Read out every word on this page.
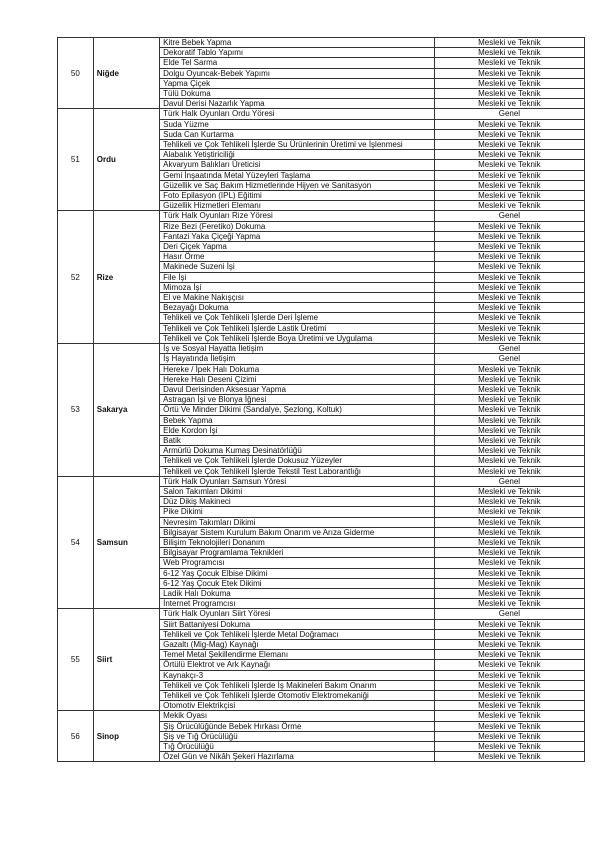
50	Niğde	Kitre Bebek Yapma	Mesleki ve Teknik
		Dekoratif Tablo Yapımı	Mesleki ve Teknik
		Elde Tel Sarma	Mesleki ve Teknik
		Dolgu Oyuncak-Bebek Yapımı	Mesleki ve Teknik
		Yapma Çiçek	Mesleki ve Teknik
		Tülü Dokuma	Mesleki ve Teknik
		Davul Derisi Nazarlık Yapma	Mesleki ve Teknik
51	Ordu	Türk Halk Oyunları Ordu Yöresi	Genel
		Suda Yüzme	Mesleki ve Teknik
		Suda Can Kurtarma	Mesleki ve Teknik
		Tehlikeli ve Çok Tehlikeli İşlerde Su Ürünlerinin Üretimi ve İşlenmesi	Mesleki ve Teknik
		Alabalık Yetiştiriciliği	Mesleki ve Teknik
		Akvaryum Balıkları Üreticisi	Mesleki ve Teknik
		Gemi İnşaatında Metal Yüzeyleri Taşlama	Mesleki ve Teknik
		Güzellik ve Saç Bakım Hizmetlerinde Hijyen ve Sanitasyon	Mesleki ve Teknik
		Foto Epilasyon (IPL) Eğitimi	Mesleki ve Teknik
		Güzellik Hizmetleri Elemanı	Mesleki ve Teknik
52	Rize	Türk Halk Oyunları Rize Yöresi	Genel
		Rize Bezi (Feretiko) Dokuma	Mesleki ve Teknik
		Fantazi Yaka Çiçeği Yapma	Mesleki ve Teknik
		Deri Çiçek Yapma	Mesleki ve Teknik
		Hasır Örme	Mesleki ve Teknik
		Makinede Suzeni İşi	Mesleki ve Teknik
		File İşi	Mesleki ve Teknik
		Mimoza İşi	Mesleki ve Teknik
		El ve Makine Nakışçısı	Mesleki ve Teknik
		Bezayağı Dokuma	Mesleki ve Teknik
		Tehlikeli ve Çok Tehlikeli İşlerde Deri İşleme	Mesleki ve Teknik
		Tehlikeli ve Çok Tehlikeli İşlerde Lastik Üretimi	Mesleki ve Teknik
		Tehlikeli ve Çok Tehlikeli İşlerde Boya Üretimi ve Uygulama	Mesleki ve Teknik
53	Sakarya	İş ve Sosyal Hayatta İletişim	Genel
		İş Hayatında İletişim	Genel
		Hereke / İpek Halı Dokuma	Mesleki ve Teknik
		Hereke Halı Deseni Çizimi	Mesleki ve Teknik
		Davul Derisinden Aksesuar Yapma	Mesleki ve Teknik
		Astragan İşi ve Blonya İğnesi	Mesleki ve Teknik
		Örtü Ve Minder Dikimi (Sandalye, Şezlong, Koltuk)	Mesleki ve Teknik
		Bebek Yapma	Mesleki ve Teknik
		Elde Kordon İşi	Mesleki ve Teknik
		Batik	Mesleki ve Teknik
		Armürlü Dokuma Kumaş Desinatörlüğü	Mesleki ve Teknik
		Tehlikeli ve Çok Tehlikeli İşlerde Dokusuz Yüzeyler	Mesleki ve Teknik
		Tehlikeli ve Çok Tehlikeli İşlerde Tekstil Test Laborantlığı	Mesleki ve Teknik
54	Samsun	Türk Halk Oyunları Samsun Yöresi	Genel
		Salon Takımları Dikimi	Mesleki ve Teknik
		Düz Dikiş Makineci	Mesleki ve Teknik
		Pike Dikimi	Mesleki ve Teknik
		Nevresim Takımları Dikimi	Mesleki ve Teknik
		Bilgisayar Sistem Kurulum Bakım Onarım ve Arıza Giderme	Mesleki ve Teknik
		Bilişim Teknolojileri Donanım	Mesleki ve Teknik
		Bilgisayar Programlama Teknikleri	Mesleki ve Teknik
		Web Programcısı	Mesleki ve Teknik
		6-12 Yaş Çocuk Elbise Dikimi	Mesleki ve Teknik
		6-12 Yaş Çocuk Etek Dikimi	Mesleki ve Teknik
		Ladik Halı Dokuma	Mesleki ve Teknik
		İnternet Programcısı	Mesleki ve Teknik
55	Siirt	Türk Halk Oyunları Siirt Yöresi	Genel
		Siirt Battaniyesi Dokuma	Mesleki ve Teknik
		Tehlikeli ve Çok Tehlikeli İşlerde Metal Doğramacı	Mesleki ve Teknik
		Gazaltı (Mig-Mag) Kaynağı	Mesleki ve Teknik
		Temel Metal Şekillendirme Elemanı	Mesleki ve Teknik
		Örtülü Elektrot ve Ark Kaynağı	Mesleki ve Teknik
		Kaynakçı-3	Mesleki ve Teknik
		Tehlikeli ve Çok Tehlikeli İşlerde İş Makineleri Bakım Onarım	Mesleki ve Teknik
		Tehlikeli ve Çok Tehlikeli İşlerde Otomotiv Elektromekaniği	Mesleki ve Teknik
		Otomotiv Elektrikçisi	Mesleki ve Teknik
56	Sinop	Mekik Oyası	Mesleki ve Teknik
		Şiş Örücülüğünde Bebek Hırkası Örme	Mesleki ve Teknik
		Şiş ve Tığ Örücülüğü	Mesleki ve Teknik
		Tığ Örücülüğü	Mesleki ve Teknik
		Özel Gün ve Nikâh Şekeri Hazırlama	Mesleki ve Teknik
